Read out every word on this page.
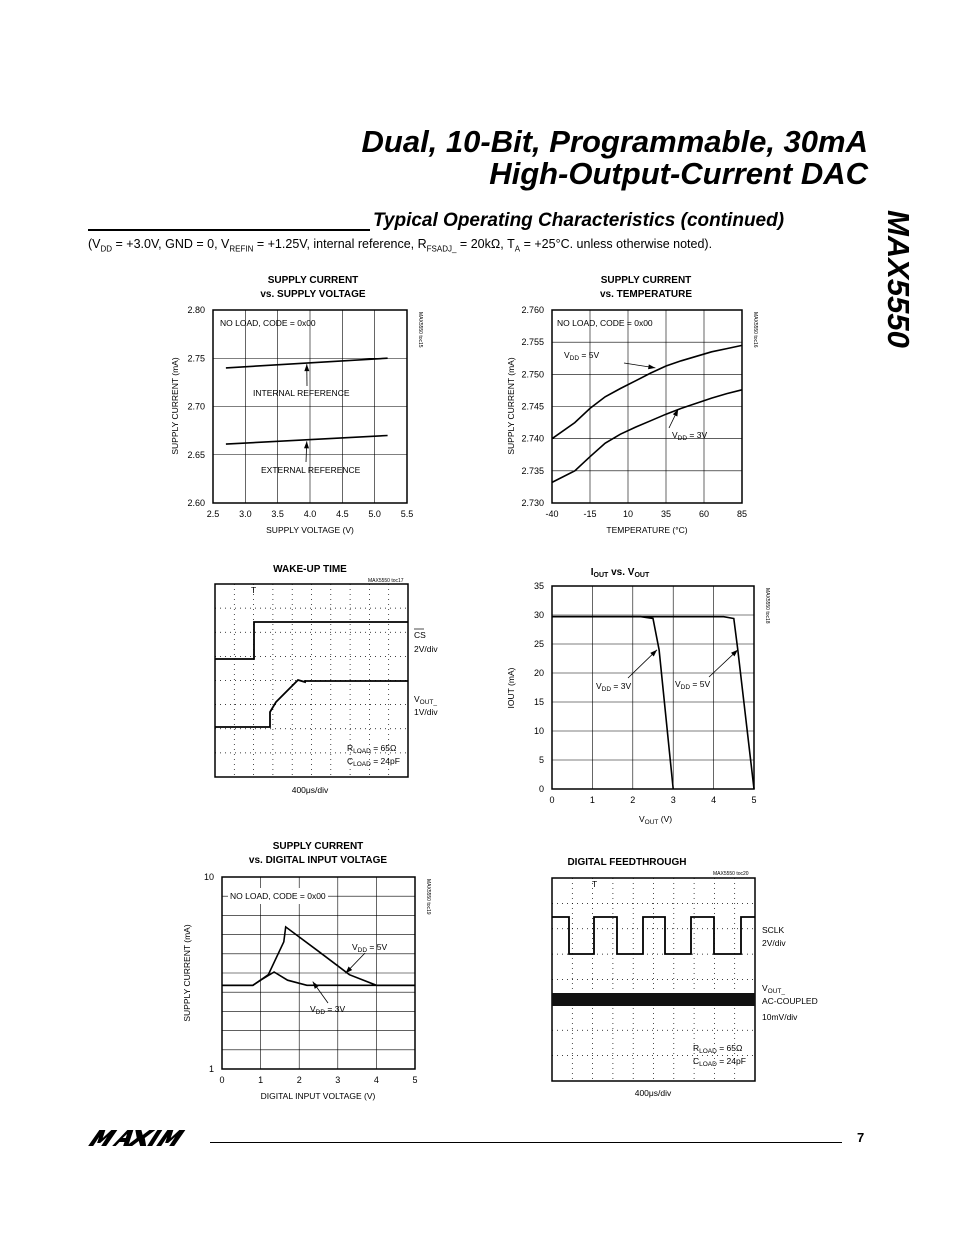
Dual, 10-Bit, Programmable, 30mA
High-Output-Current DAC
Typical Operating Characteristics (continued)	MAX5550
($V_{DD} = +3.0V$, GND = 0, $V_{REFIN} = +1.25V$, internal reference, $R_{FSADJ\_} = 20k\Omega$, $T_A = +25^\circ C$. unless otherwise noted).
SUPPLY CURRENT
vs. SUPPLY VOLTAGE
2.5 3.0 3.5 4.0 4.5 5.0 5.5
2.80
2.75
2.70
2.65
2.60
MAX5550 toc15
NO LOAD, CODE = 0x00
SUPPLY CURRENT (mA)
SUPPLY VOLTAGE (V)
INTERNAL REFERENCE
EXTERNAL REFERENCE
SUPPLY CURRENT
vs. TEMPERATURE
-40	-15	10	35	60	85
2.760
2.755
2.750
2.745
2.740
2.735
2.730
MAX5550 toc16
NO LOAD, CODE = 0x00
SUPPLY CURRENT (mA)
TEMPERATURE (°C)
$V_{DD} = 5V$
$V_{DD} = 3V$
WAKE-UP TIME
MAX5550 toc17
T
CS
2V/div
$V_{OUT\_}$
1V/div
$R_{LOAD} = 65\Omega$
$C_{LOAD} = 24pF$
400μs/div
$I_{OUT}$ vs. $V_{OUT}$
0	1	2	3	4	5
35
30
25
20
15
10
5
0
MAX5550 toc18
IOUT (mA)
$V_{OUT}$ (V)
$V_{DD} = 3V$	$V_{DD} = 5V$
SUPPLY CURRENT
vs. DIGITAL INPUT VOLTAGE
0	1	2	3	4	5
10
1
MAX5550 toc19
NO LOAD, CODE = 0x00
SUPPLY CURRENT (mA)
DIGITAL INPUT VOLTAGE (V)
$V_{DD} = 5V$
$V_{DD} = 3V$
DIGITAL FEEDTHROUGH
MAX5550 toc20
T
SCLK
2V/div
$V_{OUT\_}$
AC-COUPLED
10mV/div
$R_{LOAD} = 65\Omega$
$C_{LOAD} = 24pF$
400μs/div
7
